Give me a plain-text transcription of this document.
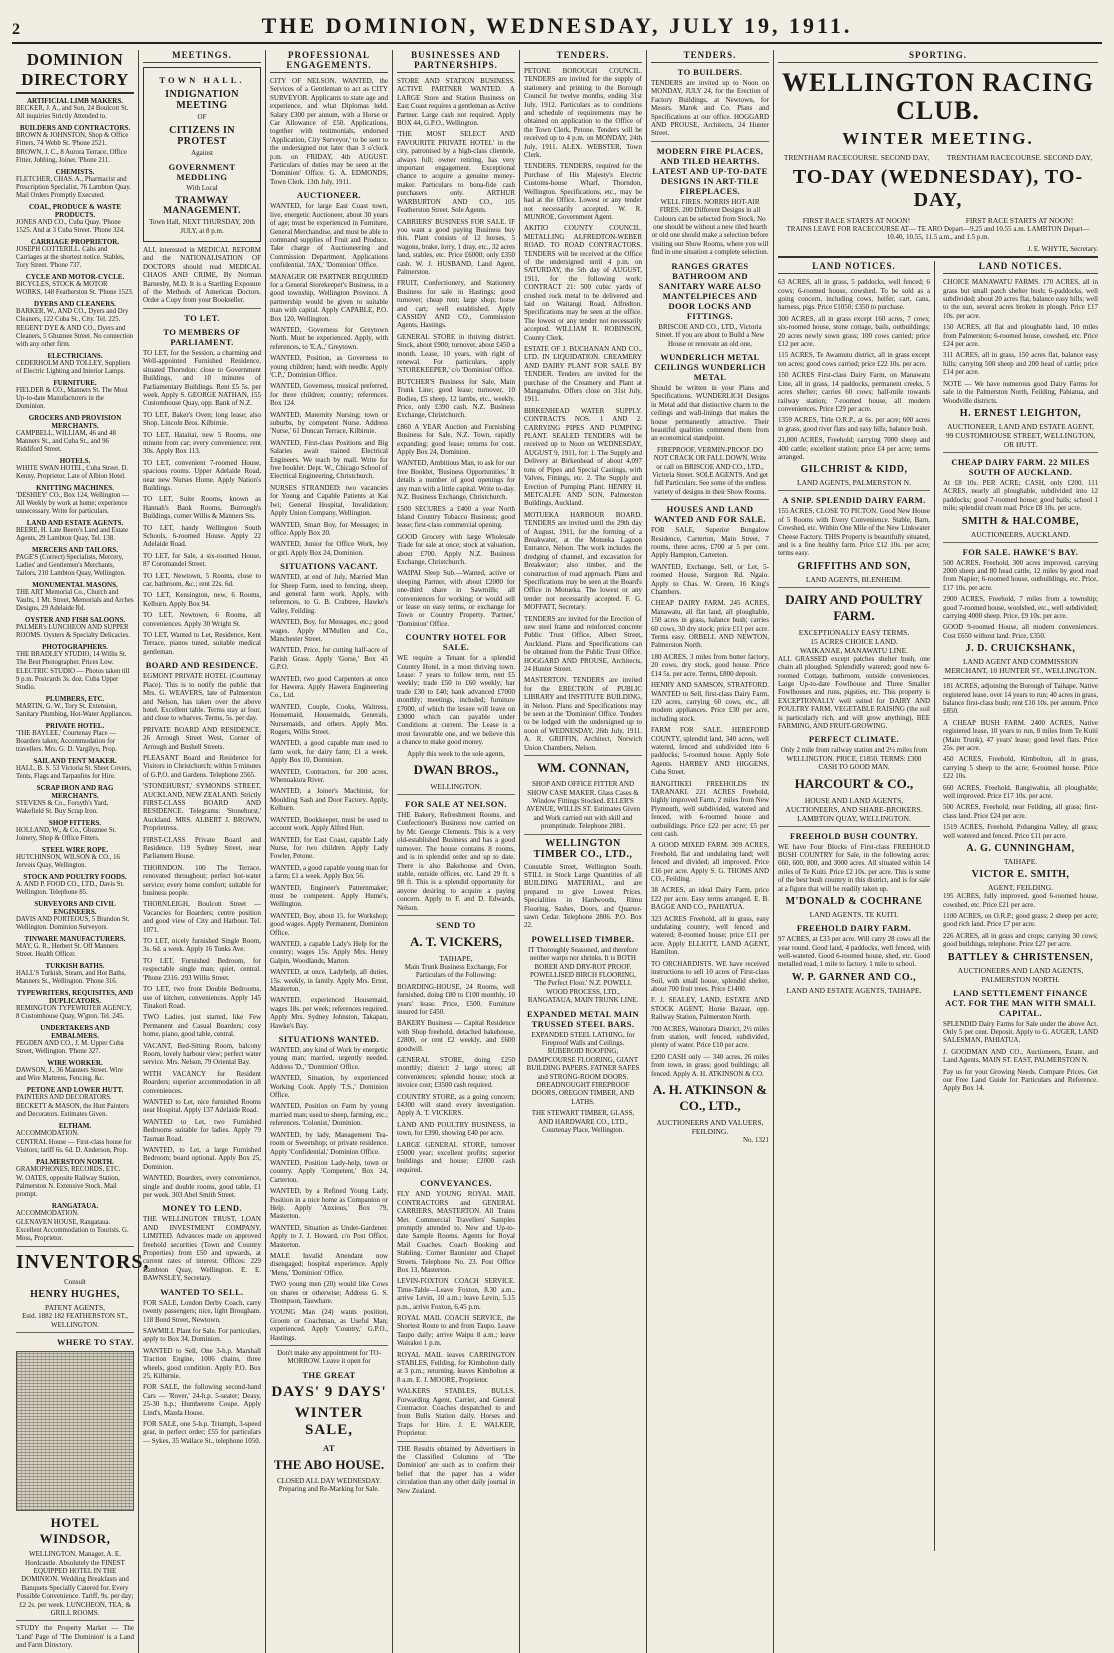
2	THE DOMINION, WEDNESDAY, JULY 19, 1911.
DOMINION DIRECTORY
ARTIFICIAL LIMB MAKERS.
BECKER, J. A., and Son, 24 Boulcott St. All inquiries Strictly Attended to.
BUILDERS AND CONTRACTORS.
BROWN & JOHNSTON, Shop & Office Fitters, 74 Webb St. 'Phone 2521.
BROWN, J. C., 8 Aurora Terrace, Office Fitter, Jobbing, Joiner. 'Phone 211.
CHEMISTS.
FLETCHER, CHAS. A., Pharmacist and Prescription Specialist, 76 Lambton Quay. Mail Orders Promptly Executed.
COAL, PRODUCE & WASTE PRODUCTS.
JONES AND CO., Cuba Quay. 'Phone 1525. And at 3 Cuba Street. 'Phone 324.
CARRIAGE PROPRIETOR.
JOSEPH COTTERILL. Cabs and Carriages at the shortest notice. Stables, Tory Street. 'Phone 737.
CYCLE AND MOTOR-CYCLE.
BICYCLES, STOCK & MOTOR WORKS, 148 Featherston St. 'Phone 1523.
DYERS AND CLEANERS.
BARKER, W., AND CO., Dyers and Dry Cleaners, 122 Cuba St., City. Tel. 225.
REGENT DYE & AND CO., Dyers and Cleaners, 5 Ghuznee Street. No connection with any other firm.
ELECTRICIANS.
CEDERHOLM AND TOLLEY, Suppliers of Electric Lighting and Interior Lamps.
FURNITURE.
FIELDER & CO., Manners St. The Most Up-to-date Manufacturers in the Dominion.
GROCERS AND PROVISION MERCHANTS.
CAMPBELL, WILLIAM, 46 and 48 Manners St., and Cuba St., and 96 Riddiford Street.
HOTELS.
WHITE SWAN HOTEL, Cuba Street. D. Kenny, Proprietor. Late of Albion Hotel.
KNITTING MACHINES.
'DESHIEY' CO., Box 124, Wellington — All Weekly by work at home; experience unnecessary. Write for particulars.
LAND AND ESTATE AGENTS.
BEERE, H. Late Beere's Land and Estate Agents, 29 Lambton Quay, Tel. 138.
MERCERS AND TAILORS.
PAGE'S (Correct) Specialists, Mercery, Ladies' and Gentlemen's Merchants, Tailors, 210 Lambton Quay, Wellington.
MONUMENTAL MASONS.
THE ART Memorial Co., Church and Vaults, 1 Mt. Street, Memorials and Arches Designs, 29 Adelaide Rd.
OYSTER AND FISH SALOONS.
PALMER's LUNCHEON AND SUPPER ROOMS. Oysters & Specialty Delicacies.
PHOTOGRAPHERS.
THE BRADLEY STUDIO, 14 Willis St. The Best Photographer. Prices Low.
ELECTRIC STUDIO — Photos taken till 9 p.m. Postcards 3s. doz. Cuba Upper Studio.
PLUMBERS, ETC.
MARTIN, G. W., Tory St. Extension, Sanitary Plumbing, Hot-Water Appliances.
PRIVATE HOTEL.
'THE BAYLEE,' Courtenay Place — Boarders taken; Accommodation for travellers. Mrs. G. D. Vargilyn, Prop.
SAIL AND TENT MAKER.
HALL, B. S. 53 Victoria St. Sheet Covers, Tents, Flags and Tarpaulins for Hire.
SCRAP IRON AND RAG MERCHANTS.
STEVENS & Co., Forsyth's Yard, Wakefield St. Buy Scrap Iron.
SHOP FITTERS.
HOLLAND, W., & Co., Ghuznee St. Joinery, Shop & Office Fitters.
STEEL WIRE ROPE.
HUTCHINSON, WILSON & CO., 16 Jervois Quay, Wellington.
STOCK AND POULTRY FOODS.
A. AND P. FOOD CO., LTD., Davis St. Wellington. Telephone 85.
SURVEYORS AND CIVIL ENGINEERS.
DAVIS AND PORTEOUS, 5 Brandon St. Wellington. Dominion Surveyors.
TINWARE MANUFACTURERS.
MAY, G. R., Herbert St. Off Manners Street. Health Officer.
TURKISH BATHS.
HALL'S Turkish, Steam, and Hot Baths, Manners St., Wellington. 'Phone 316.
TYPEWRITERS, REQUISITES, AND DUPLICATORS.
REMINGTON TYPEWRITER AGENCY, 8 Customhouse Quay, W'gton. Tel. 245.
UNDERTAKERS AND EMBALMERS.
PEGDEN AND CO., J. M. Upper Cuba Street, Wellington. 'Phone 327.
WIRE WORKER.
DAWSON, J., 36 Manners Street. Wire and Wire Mattress, Fencing, &c.
PETONE AND LOWER HUTT.
PAINTERS AND DECORATORS.
BECKETT & MASON, the Hutt Painters and Decorators. Estimates Given.
ELTHAM.
ACCOMMODATION.
CENTRAL House — First-class house for Visitors; tariff 6s. 6d. D. Anderson, Prop.
PALMERSTON NORTH.
GRAMOPHONES, RECORDS, ETC.
W. OATES, opposite Railway Station, Palmerston N. Extensive Stock. Mail prompt.
RANGATAUA.
ACCOMMODATION.
GLENAVEN HOUSE, Rangataua. Excellent Accommodation to Tourists. G. Moss, Proprietor.
INVENTORS,
Consult
HENRY HUGHES,
PATENT AGENTS,
Estd. 1882 182 FEATHERSTON ST., WELLINGTON.
WHERE TO STAY.
HOTEL WINDSOR,
WELLINGTON. Manager, A. E. Hordcastle. Absolutely the FINEST EQUIPPED HOTEL IN THE DOMINION. Wedding Breakfasts and Banquets Specially Catered for. Every Possible Convenience. Tariff, 9s. per day; £2 2s. per week. LUNCHEON, TEA, & GRILL ROOMS.
STUDY the Property Market — The 'Land' Page of 'The Dominion' is a Land and Farm Directory.
MEETINGS.
TOWN HALL.
INDIGNATION MEETING
OF
CITIZENS IN PROTEST
Against
GOVERNMENT MEDDLING
With Local
TRAMWAY MANAGEMENT.
Town Hall, NEXT THURSDAY, 20th JULY, at 8 p.m.
ALL interested in MEDICAL REFORM and the NATIONALISATION OF DOCTORS should read MEDICAL CHAOS AND CRIME, By Norman Barnesby, M.D. It is a Startling Exposure of the Methods of American Doctors. Order a Copy from your Bookseller.
TO LET.
TO MEMBERS OF PARLIAMENT.
TO LET, for the Session, a charming and Well-appointed Furnished Residence, situated Thorndon: close to Government Buildings, and 10 minutes of Parliamentary Buildings. Rent £5 5s. per week. Apply S. GEORGE NATHAN, 155 Customhouse Quay, opp. Bank of N.Z.
TO LET, Baker's Oven; long lease; also Shop. Lincoln Bros. Kilbirnie.
TO LET, Hataitai, new 5 Rooms, one minute from car; every convenience; rent 30s. Apply Box 113.
TO LET, convenient 7-roomed House, spacious rooms. Upper Adelaide Road, near new Nurses Home. Apply Nation's Buildings.
TO LET, Suite Rooms, known as Hannah's Bank Rooms, Burrough's Buildings, corner Willis & Manners Sts.
TO LET, handy Wellington South Schools, 6-roomed House. Apply 22 Adelaide Road.
TO LET, for Sale, a six-roomed House, 87 Coromandel Street.
TO LET, Newtown, 5 Rooms, close to car, bathroom, &c.; rent 22s. 6d.
TO LET, Kensington, new, 6 Rooms, Kelburn. Apply Box 94.
TO LET, Newtown, 6 Rooms, all conveniences. Apply 30 Wright St.
TO LET, Wanted to Let, Residence, Kent Terrace, pianos tuned, suitable medical gentleman.
BOARD AND RESIDENCE.
EGMONT PRIVATE HOTEL (Courtenay Place). This is to notify the public that Mrs. G. WEAVERS, late of Palmerston and Nelson, has taken over the above hotel. Excellent table. Terms stay at four, and close to wharves. Terms, 5s. per day.
PRIVATE BOARD AND RESIDENCE, 26 Arrough Street West, Corner of Arrough and Bushell Streets.
PLEASANT Board and Residence for Visitors in Christchurch; within 5 minutes of G.P.O. and Gardens. Telephone 2565.
'STONEHURST,' SYMONDS STREET, AUCKLAND, NEW ZEALAND. Strictly FIRST-CLASS BOARD AND RESIDENCE. Telegrams: 'Stonehurst,' Auckland. MRS. ALBERT J. BROWN, Proprietress.
FIRST-CLASS Private Board and Residence. 119 Sydney Street, near Parliament House.
THORNDON. 100 The Terrace, renovated throughout; perfect hot-water service; every home comfort; suitable for business people.
THORNLEIGH, Boulcott Street — Vacancies for Boarders; centre position and good view of City and Harbour. Tel. 1071.
TO LET, nicely furnished Single Room, 3s. 6d. a week. Apply 16 Tonks Ave.
TO LET, Furnished Bedroom, for respectable single man; quiet, central. 'Phone 2316. 293 Willis Street.
TO LET, two front Double Bedrooms, use of kitchen, conveniences. Apply 145 Tinakori Road.
TWO Ladies, just started, like Few Permanent and Casual Boarders; cosy home, piano, good table, central.
VACANT, Bed-Sitting Room, balcony Room, lovely harbour view; perfect water service. Mrs. Nelson, 79 Oriental Bay.
WITH VACANCY for Resident Boarders; superior accommodation in all conveniences.
WANTED to Let, nice furnished Rooms near Hospital. Apply 137 Adelaide Road.
WANTED to Let, two Furnished Bedrooms suitable for ladies. Apply 79 Tasman Road.
WANTED, to Let, a large Furnished Bedroom; board optional. Apply Box 25, Dominion.
WANTED, Boarders, every convenience, single and double rooms, good table, £1 per week. 303 Abel Smith Street.
MONEY TO LEND.
THE WELLINGTON TRUST, LOAN AND INVESTMENT COMPANY, LIMITED. Advances made on approved freehold securities (Town and Country Properties) from £50 and upwards, at current rates of interest. Offices: 229 Lambton Quay, Wellington. E. E. BAWNSLEY, Secretary.
WANTED TO SELL.
FOR SALE, London Derby Coach, carry twenty passengers; nice, light Brougham. 118 Bond Street, Newtown.
SAWMILL Plant for Sale. For particulars, apply to Box 34, Dominion.
WANTED to Sell, One 3-h.p. Marshall Traction Engine, 1006 chains, three wheels, good condition. Apply P.O. Box 25, Kilbirnie.
FOR SALE, the following second-hand Cars — 'Rover,' 24-h.p. 5-seater; Deasy, 25-30 h.p.; Humberette Coupe. Apply Lind's, Mazda House.
FOR SALE, one 5-h.p. Triumph, 3-speed gear, in perfect order; £55 for particulars — Sykes, 35 Wallace St., telephone 1050.
PROFESSIONAL ENGAGEMENTS.
CITY OF NELSON. WANTED, the Services of a Gentleman to act as CITY SURVEYOR. Applicants to state age and experience, and what Diplomas held. Salary £300 per annum, with a Horse or Car Allowance of £50. Applications, together with testimonials, endorsed 'Application, City Surveyor,' to be sent to the undersigned not later than 3 o'clock p.m. on FRIDAY, 4th AUGUST. Particulars of duties may be seen at the 'Dominion' Office. G. A. EDMONDS, Town Clerk. 13th July, 1911.
AUCTIONEER.
WANTED, for large East Coast town, live, energetic Auctioneer, about 30 years of age; must be experienced in Furniture, General Merchandise, and must be able to command supplies of Fruit and Produce. Take charge of Auctioneering and Commission Department. Applications confidential. 'JAX,' 'Dominion' Office.
MANAGER OR PARTNER REQUIRED for a General Storekeeper's Business, in a good township, Wellington Province. A partnership would be given to suitable man with capital. Apply CAPABLE, P.O. Box 120, Wellington.
WANTED, Governess for Greytown North. Must be experienced. Apply, with references, to 'E.A.,' Greytown.
WANTED, Position, as Governess to young children; hand; with needle. Apply 'C.P.,' Dominion Office.
WANTED, Governess, musical preferred, for three children; country; references. Box 124.
WANTED, Maternity Nursing; town or suburbs, by competent Nurse. Address 'Nurse,' 61 Duncan Terrace, Kilbirnie.
WANTED, First-class Positions and Big Salaries await trained Electrical Engineers. We teach by mail. Write for free booklet. Dept. W., Chicago School of Electrical Engineering, Christchurch.
NURSES STRANDED: two vacancies for Young and Capable Patients at Kai Iwi; General Hospital, Invalidation; Apply Union Company, Wellington.
WANTED, Smart Boy, for Messages; in office. Apply Box 20.
WANTED, Junior for Office Work, boy or girl. Apply Box 24, Dominion.
SITUATIONS VACANT.
WANTED, at end of July, Married Man for Sheep Farm, used to fencing, sheep, and general farm work. Apply, with references, to G. B. Crabtree, Hawke's Valley, Feilding.
WANTED, Boy, for Messages, etc.; good wages. Apply M'Mullen and Co., Manchester Street.
WANTED, Price, for cutting half-acre of Parish Grass. Apply 'Gorse,' Box 45 G.P.O.
WANTED, two good Carpenters at once for Hawera. Apply Hawera Engineering Co., Ltd.
WANTED, Couple, Cooks, Waitress, Housemaid, Housemaids, Generals, Nursemaids, and others. Apply Mrs. Rogers, Willis Street.
WANTED, a good capable man used to farm work, for dairy farm; £1 a week. Apply Box 10, Dominion.
WANTED, Contractors, for 200 acres, Whenuakura River.
WANTED, a Joiner's Machinist, for Moulding Sash and Door Factory. Apply, Kelburn.
WANTED, Bookkeeper, must be used to account work. Apply Alfred Hutt.
WANTED, for East Coast, capable Lady Nurse, for two children. Apply Lady Fowler, Petone.
WANTED, a good capable young man for a farm; £1 a week. Apply Box 56.
WANTED, Engineer's Patternmaker; must be competent. Apply Hume's, Wellington.
WANTED, Boy, about 15, for Workshop; good wages. Apply Permanent, Dominion Office.
WANTED, a capable Lady's Help for the country; wages 15s. Apply Mrs. Henry Galpin, Woodlands, Marton.
WANTED, at once, Ladyhelp, all duties, 15s. weekly, in family. Apply Mrs. Ernst, Masterton.
WANTED, experienced Housemaid, wages 18s. per week; references required. Apply Mrs. Sydney Johnston, Takapau, Hawke's Bay.
SITUATIONS WANTED.
WANTED, any kind of Work by energetic young man; married, urgently needed. Address 'D.,' 'Dominion' Office.
WANTED, Situation, by experienced Working Cook. Apply 'T.S.,' Dominion Office.
WANTED, Position on Farm by young married man; used to sheep, farming, etc.; references. 'Colonist,' Dominion.
WANTED, by lady, Management Tea-room or Sweetshop; or private residence. Apply 'Confidential,' Dominion Office.
WANTED, Position Lady-help, town or country. Apply 'Competent,' Box 24, Carterton.
WANTED, by a Refined Young Lady, Position in a nice home as Companion or Help. Apply 'Anxious,' Box 79, Masterton.
WANTED, Situation as Under-Gardener. Apply to J. J. Howard, c/o Post Office, Masterton.
MALE Invalid Attendant now disengaged; hospital experience. Apply 'Mens,' 'Dominion' Office.
TWO young men (20) would like Cows on shares or otherwise; Address G. S. Thompson, Tauwhare.
YOUNG Man (24) wants position, Groom or Coachman, as Useful Man; experienced. Apply 'Country,' G.P.O., Hastings.
Don't make any appointment for TO-MORROW. Leave it open for
THE GREAT
DAYS' 9 DAYS'
WINTER SALE,
AT
THE ABO HOUSE.
CLOSED ALL DAY WEDNESDAY. Preparing and Re-Marking for Sale.
BUSINESSES AND PARTNERSHIPS.
STORE AND STATION BUSINESS. ACTIVE PARTNER WANTED. A LARGE Store and Station Business on East Coast requires a gentleman as Active Partner. Large cash not required. Apply BOX 44, G.P.O., Wellington.
'THE MOST SELECT AND FAVOURITE PRIVATE HOTEL' in the city, patronised by a high-class clientele, always full; owner retiring, has very important engagement. Exceptional chance to acquire a genuine money-maker. Particulars to bona-fide cash purchasers only. ARTHUR WARBURTON AND CO., 105 Featherston Street. Sole Agents.
CABRIERS' BUSINESS FOR SALE. IF you want a good paying Business buy this. Plant consists of 12 horses, 5 wagons, brake, lorry, 1 dray, etc., 32 acres land, stables, etc. Price £6000; only £350 cash. W. J. HUSBAND, Land Agent, Palmerston.
FRUIT, Confectionery, and Stationery Business for sale in Hastings; good turnover; cheap rent; large shop; horse and cart; well established. Apply CASSIDY AND CO., Commission Agents, Hastings.
GENERAL STORE in thriving district. Stock, about £900; turnover, about £450 a month. Lease, 10 years, with right of renewal. For particulars, apply 'STOREKEEPER,' c/o 'Dominion' Office.
BUTCHER'S Business for Sale, Main Trunk Line; good lease; turnover, 10 Bodies, £5 sheep, 12 lambs, etc., weekly. Price, only £390 cash. N.Z. Business Exchange, Christchurch.
£860 A YEAR Auction and Furnishing Business for Sale, N.Z. Town, rapidly expanding; good lease; returns for cost. Apply Box 24, Dominion.
WANTED, Ambitious Man, to ask for our free Booklet, 'Business Opportunities.' It details a number of good openings for any man with a little capital. Write to-day. N.Z. Business Exchange, Christchurch.
£500 SECURES a £400 a year North Island Country Tobacco Business; good lease; first-class commercial opening.
GOOD Grocery with large Wholesale Trade for sale at once; stock at valuation, about £700. Apply N.Z. Business Exchange, Christchurch.
WAIPAI Sleep Sub.—Wanted, active or sleeping Partner, with about £2000 for one-third share in Sawmills; all conveniences for working; or would sell or lease on easy terms, or exchange for Town or Country Property. 'Partner,' 'Dominion' Office.
COUNTRY HOTEL FOR SALE.
WE require a Tenant for a splendid Country Hotel, in a most thriving town. Lease: 7 years to follow term, rent £5 weekly; trade £50 to £60 weekly; bar trade £30 to £40; bank advanced £7000 monthly; meetings, included; furniture £7000, of which the lessee will leave on £3000 which can payable under Conditions at current. The Lease is a most favourable one, and we believe this a chance to make good money.
Apply this week to the sole agents,
DWAN BROS.,
WELLINGTON.
FOR SALE AT NELSON.
THE Bakery, Refreshment Rooms, and Confectioner's Business now carried on by Mr. George Clements. This is a very old-established Business and has a good turnover. The house contains 8 rooms, and is in splendid order and up to date. There is also Bakehouse and Oven, stable, outside offices, etc. Land 29 ft. x 98 ft. This is a splendid opportunity for anyone desiring to acquire a paying concern. Apply to F. and D. Edwards, Nelson.
SEND TO
A. T. VICKERS,
TAIHAPE,
Main Trunk Business Exchange, For Particulars of the Following:
BOARDING-HOUSE, 24 Rooms, well furnished, doing £80 to £100 monthly, 10 years' lease. Price, £500. Furniture insured for £450.
BAKERY Business — Capital Residence with Shop freehold, detached bakehouse, £2800, or rent £2 weekly, and £600 goodwill.
GENERAL STORE, doing £250 monthly; district: 2 large stores; all conveniences; splendid house; stock at invoice cost; £3500 cash required.
COUNTRY STORE, as a going concern; £4300 will stand every investigation. Apply A. T. VICKERS.
LAND AND POULTRY BUSINESS, in town, for £390, showing £40 per acre.
LARGE GENERAL STORE, turnover £5000 year; excellent profits; superior buildings and house; £2000 cash required.
CONVEYANCES.
FLY AND YOUNG ROYAL MAIL CONTRACTORS and GENERAL CARRIERS, MASTERTON. All Trains Met. Commercial Travellers' Samples promptly attended to. New and Up-to-date Sample Rooms. Agents for Royal Mail Coaches. Coach Booking and Stabling. Corner Bannister and Chapel Streets. Telephone No. 23. Post Office Box 13, Masterton.
LEVIN-FOXTON COACH SERVICE. Time-Table—Leave Foxton, 8.30 a.m., arrive Levin, 10 a.m.; leave Levin, 5.15 p.m., arrive Foxton, 6.45 p.m.
ROYAL MAIL COACH SERVICE, the Shortest Route to and from Taupo. Leave Taupo daily; arrive Waipu 8 a.m.; leave Wairakei 1 p.m.
ROYAL MAIL leaves CARRINGTON STABLES, Feilding, for Kimbolton daily at 3 p.m.; returning, leaves Kimbolton at 8 a.m. E. J. MOORE, Proprietor.
WALKERS STABLES, BULLS. Forwarding Agent, Carrier, and General Contractor. Coaches despatched to and from Bulls Station daily. Horses and Traps for Hire. J. E. WALKER, Proprietor.
THE Results obtained by Advertisers in the Classified Columns of 'The Dominion' are such as to confirm their belief that the paper has a wider circulation than any other daily journal in New Zealand.
TENDERS.
PETONE BOROUGH COUNCIL. TENDERS are invited for the supply of stationery and printing to the Borough Council for twelve months, ending 31st July, 1912. Particulars as to conditions and schedule of requirements may be obtained on application to the Office of the Town Clerk, Petone. Tenders will be received up to 4 p.m. on MONDAY, 24th July, 1911. ALEX. WEBSTER, Town Clerk.
TENDERS. TENDERS, required for the Purchase of His Majesty's Electric Customs-house Wharf, Thorndon, Wellington. Specifications, etc., may be had at the Office. Lowest or any tender not necessarily accepted. W. R. MUNROE, Government Agent.
AKITIO COUNTY COUNCIL. METALLING ALFREDTON-WEBER ROAD. TO ROAD CONTRACTORS. TENDERS will be received at the Office of the undersigned until 4 p.m. on SATURDAY, the 5th day of AUGUST, 1911, for the following work: CONTRACT 21: 500 cubic yards of crushed rock metal to be delivered and laid on Waitangi Road, Alfredton. Specifications may be seen at the office. The lowest or any tender not necessarily accepted. WILLIAM R. ROBINSON, County Clerk.
ESTATE OF J. BUCHANAN AND CO., LTD. IN LIQUIDATION. CREAMERY AND DAIRY PLANT FOR SALE BY TENDER. Tenders are invited for the purchase of the Creamery and Plant at Mangamahu. Offers close on 31st July, 1911.
BIRKENHEAD WATER SUPPLY. CONTRACTS NOS. 1 AND 2. CARRYING PIPES AND PUMPING PLANT. SEALED TENDERS will be received up to Noon on WEDNESDAY, AUGUST 9, 1911, for: 1. The Supply and Delivery at Birkenhead of about 4,097 tons of Pipes and Special Castings, with Valves, Fittings, etc. 2. The Supply and Erection of Pumping Plant. HENRY H. METCALFE AND SON, Palmerston Buildings, Auckland.
MOTUEKA HARBOUR BOARD. TENDERS are invited until the 29th day of August, 1911, for the forming of a Breakwater, at the Motueka Lagoon Entrance, Nelson. The work includes the dredging of channel, and excavation for Breakwater; also timber, and the construction of road approach. Plans and Specifications may be seen at the Board's Office in Motueka. The lowest or any tender not necessarily accepted. F. G. MOFFATT, Secretary.
TENDERS are invited for the Erection of new steel frame and reinforced concrete Public Trust Office, Albert Street, Auckland. Plans and Specifications can be obtained from the Public Trust Office. HOGGARD AND PROUSE, Architects, 24 Hunter Street.
MASTERTON. TENDERS are invited for the ERECTION of PUBLIC LIBRARY and INSTITUTE BUILDING, in Nelson. Plans and Specifications may be seen at the 'Dominion' Office. Tenders to be lodged with the undersigned up to noon of WEDNESDAY, 26th July, 1911. A. R. GRIFFIN, Architect, Norwich Union Chambers, Nelson.
WM. CONNAN,
SHOP AND OFFICE FITTER AND SHOW CASE MAKER. Glass Cases & Window Fittings Stocked. ELLER'S AVENUE, WILLIS ST. Estimates Given and Work carried out with skill and promptitude. Telephone 2881.
WELLINGTON TIMBER CO., LTD.,
Constable Street, Wellington South. STILL in Stock Large Quantities of all BUILDING MATERIAL, and are prepared to give Lowest Prices. Specialities in Hardwoods, Rimu Flooring, Sashes, Doors, and Quarter-sawn Cedar. Telephone 2806. P.O. Box 22.
POWELLISED TIMBER.
IT Thoroughly Seasoned, and therefore neither warps nor shrinks. It is BOTH BORER AND DRY-ROT PROOF. POWELLISED BIRCH FLOORING, 'The Perfect Floor.' N.Z. POWELL WOOD PROCESS, LTD., RANGATAUA, MAIN TRUNK LINE.
EXPANDED METAL MAIN TRUSSED STEEL BARS.
EXPANDED STEEL LATHING, for Fireproof Walls and Ceilings. RUBEROID ROOFING, DAMPCOURSE FLOORING, GIANT BUILDING PAPERS. FATNER SAFES and STRONG-ROOM DOORS. DREADNOUGHT FIREPROOF DOORS, OREGON TIMBER, AND LATHS.
THE STEWART TIMBER, GLASS, AND HARDWARE CO., LTD., Courtenay Place, Wellington.
TENDERS.
TO BUILDERS.
TENDERS are invited up to Noon on MONDAY, JULY 24, for the Erection of Factory Buildings, at Newtown, for Messrs. Marek and Co. Plans and Specifications at our office. HOGGARD AND PROUSE, Architects, 24 Hunter Street.
MODERN FIRE PLACES, AND TILED HEARTHS. LATEST AND UP-TO-DATE DESIGNS IN ART-TILE FIREPLACES.
WELL FIRES. NORRIS HOT-AIR FIRES. 200 Different Designs in all Colours can be selected from Stock. No one should be without a new tiled hearth or old one should make a selection before visiting our Show Rooms, where you will find in one situation a complete selection.
RANGES GRATES BATHROOM AND SANITARY WARE ALSO MANTELPIECES AND DOOR LOCKS AND FITTINGS.
BRISCOE AND CO., LTD., Victoria Street. If you are about to Build a New House or renovate an old one,
WUNDERLICH METAL CEILINGS WUNDERLICH METAL
Should be written in your Plans and Specifications. WUNDERLICH Designs in Metal add that distinctive charm to the ceilings and wall-linings that makes the house permanently attractive. Their beautiful qualities commend them from an economical standpoint.
FIREPROOF, VERMIN-PROOF. DO NOT CRACK OR FALL DOWN. Write or call on BRISCOE AND CO., LTD., Victoria Street. SOLE AGENTS. And get full Particulars. See some of the endless variety of designs in their Show Rooms.
HOUSES AND LAND WANTED AND FOR SALE.
FOR SALE, Superior Bungalow Residence, Carterton, Main Street, 7 rooms, three acres, £700 at 5 per cent. Apply Hampton, Carterton.
WANTED, Exchange, Sell, or Let, 5-roomed House, Surgeon Rd. Ngaio. Apply to Chas. W. Green, 16 King's Chambers.
CHEAP DAIRY FARM. 245 ACRES, Manawatu, all flat land, all ploughable, 150 acres in grass, balance bush; carries 60 cows, 30 dry stock; price £11 per acre. Terms easy. ORBELL AND NEWTON, Palmerston North.
180 ACRES, 3 miles from butter factory, 20 cows, dry stock, good house. Price £14 5s. per acre. Terms, £800 deposit.
HENRY AND SAMSON, STRATFORD. WANTED to Sell, first-class Dairy Farm, 120 acres, carrying 60 cows, etc., all modern appliances. Price £30 per acre, including stock.
FARM FOR SALE. HEREFORD COUNTY, splendid land, 340 acres, well watered, fenced and subdivided into 6 paddocks; 5-roomed house. Apply Sole Agents. HARBEY AND HIGGENS, Cuba Street.
RANGITIKEI FREEHOLDS IN TARANAKI. 221 ACRES Freehold, highly improved Farm, 2 miles from New Plymouth, well subdivided, watered and fenced, with 6-roomed house and outbuildings. Price £22 per acre; £5 per cent cash.
A GOOD MIXED FARM. 309 ACRES, Freehold, flat and undulating land; well fenced and divided; all improved. Price £16 per acre. Apply S. G. THOMS AND CO., Feilding.
38 ACRES, an ideal Dairy Farm, price £22 per acre. Easy terms arranged. E. B. BAGGE AND CO., PAHIATUA.
323 ACRES Freehold, all in grass, easy undulating country, well fenced and watered; 8-roomed house; price £11 per acre. Apply ELLIOTT, LAND AGENT, Hamilton.
TO ORCHARDISTS. WE have received instructions to sell 10 acres of First-class Soil, with small house, splendid shelter, about 700 fruit trees. Price £1400.
F. J. SEALEY, LAND, ESTATE AND STOCK AGENT, Horse Bazaar, opp. Railway Station, Palmerston North.
700 ACRES, Waitotara District, 2½ miles from station, well fenced, subdivided, plenty of water. Price £10 per acre.
£200 CASH only — 340 acres, 26 miles from town, in grass; good buildings; all fenced. Apply A. H. ATKINSON & CO.
A. H. ATKINSON & CO., LTD.,
AUCTIONEERS AND VALUERS, FEILDING.
No. 1321
SPORTING.
WELLINGTON RACING CLUB.
WINTER MEETING.
TRENTHAM RACECOURSE. SECOND DAY,	TRENTHAM RACECOURSE. SECOND DAY,
TO-DAY (WEDNESDAY), TO-DAY,
FIRST RACE STARTS AT NOON!	FIRST RACE STARTS AT NOON!
TRAINS LEAVE FOR RACECOURSE AT— TE ARO Depart—9.25 and 10.55 a.m. LAMBTON Depart—10.40, 10.55, 11.5 a.m., and 1.5 p.m.
J. E. WHYTE, Secretary.
LAND NOTICES.
63 ACRES, all in grass, 5 paddocks, well fenced; 6 cows; 6-roomed house, cowshed. To be sold as a going concern, including cows, heifer, cart, cans, harness, pigs. Price £1050; £350 to purchase.
300 ACRES, all in grass except 160 acres, 7 cows; six-roomed house, stone cottage, bails, outbuildings; 20 acres newly sown grass; 100 cows carried; price £12 per acre.
115 ACRES, Te Awamutu district, all in grass except ten acres; good cows carried; price £22 10s. per acre.
150 ACRES First-class Dairy Farm, on Manawatu Line, all in grass, 14 paddocks, permanent creeks, 5 acres shelter; carries 60 cows; half-mile towards railway station; 7-roomed house, all modern conveniences. Price £29 per acre.
1359 ACRES, Title O.R.P., at 6s. per acre; 600 acres in grass, good river flats and easy hills, balance bush.
21,000 ACRES, Freehold; carrying 7000 sheep and 400 cattle; excellent station; price £4 per acre; terms arranged.
GILCHRIST & KIDD,
LAND AGENTS, PALMERSTON N.
A SNIP. SPLENDID DAIRY FARM.
155 ACRES, CLOSE TO PICTON. Good New House of 5 Rooms with Every Convenience. Stable, Barn, Cowshed, etc. Within One Mile of the New Linkwater Cheese Factory. THIS Property is beautifully situated, and is a fine healthy farm. Price £12 10s. per acre; terms easy.
GRIFFITHS AND SON,
LAND AGENTS, BLENHEIM.
DAIRY AND POULTRY FARM.
EXCEPTIONALLY EASY TERMS.
15 ACRES CHOICE LAND.
WAIKANAE, MANAWATU LINE.
ALL GRASSED except patches shelter bush, one chain all ploughed. Splendidly watered; good new 6-roomed Cottage, bathroom, outside conveniences. Large Up-to-date Fowlhouse and Three Smaller Fowlhouses and runs, pigsties, etc. This property is EXCEPTIONALLY well suited for DAIRY AND POULTRY FARM, VEGETABLE RAISING (the soil is particularly rich, and will grow anything), BEE FARMING, AND FRUIT-GROWING.
PERFECT CLIMATE.
Only 2 mile from railway station and 2½ miles from WELLINGTON. PRICE, £1850. TERMS: £300 CASH TO GOOD MAN.
HARCOURT & CO.,
HOUSE AND LAND AGENTS, AUCTIONEERS, AND SHARE-BROKERS. LAMBTON QUAY, WELLINGTON.
FREEHOLD BUSH COUNTRY.
WE have Four Blocks of First-class FREEHOLD BUSH COUNTRY for Sale, in the following acres: 660, 600, 800, and 3000 acres. All situated within 14 miles of Te Kuiti. Price £2 10s. per acre. This is some of the best bush country in this district, and is for sale at a figure that will be readily taken up.
M'DONALD & COCHRANE
LAND AGENTS, TE KUITI.
FREEHOLD DAIRY FARM.
97 ACRES, at £33 per acre. Will carry 28 cows all the year round. Good land, 4 paddocks, well fenced, with well-watered. Good 6-roomed house, shed, etc. Good metalled road, 1 mile to factory. 1 mile to school.
W. P. GARNER AND CO.,
LAND AND ESTATE AGENTS, TAIHAPE.
LAND NOTICES.
CHOICE MANAWATU FARMS. 170 ACRES, all in grass but small patch shelter bush; 6-paddocks, well subdivided; about 20 acres flat, balance easy hills; well to the sun, several acres broken in plough. Price £17 10s. per acre.
150 ACRES, all flat and ploughable land, 10 miles from Palmerston; 6-roomed house, cowshed, etc. Price £24 per acre.
311 ACRES, all in grass, 150 acres flat, balance easy hills; carrying 500 sheep and 200 head of cattle; price £14 per acre.
NOTE — We have numerous good Dairy Farms for sale in the Palmerston North, Feilding, Pahiatua, and Woodville districts.
H. ERNEST LEIGHTON,
AUCTIONEER, LAND AND ESTATE AGENT, 99 CUSTOMHOUSE STREET, WELLINGTON, OR HUTT.
CHEAP DAIRY FARM. 22 MILES SOUTH OF AUCKLAND.
At £8 10s. PER ACRE; CASH, only £200. 111 ACRES, nearly all ploughable, subdivided into 12 paddocks; good 7-roomed house; good bails; school 1 mile; splendid cream road. Price £8 10s. per acre.
SMITH & HALCOMBE,
AUCTIONEERS, AUCKLAND.
FOR SALE. HAWKE'S BAY.
500 ACRES, Freehold, 300 acres improved, carrying 2000 sheep and 80 head cattle, 12 miles by good road from Napier; 6-roomed house, outbuildings, etc. Price, £17 10s. per acre.
2900 ACRES, Freehold, 7 miles from a township; good 7-roomed house, woolshed, etc., well subdivided; carrying 4000 sheep. Price, £9 10s. per acre.
GOOD 9-roomed House, all modern conveniences. Cost £650 without land. Price, £350.
J. D. CRUICKSHANK,
LAND AGENT AND COMMISSION MERCHANT, 10 HUNTER ST., WELLINGTON.
181 ACRES, adjoining the Borough of Taihape. Native registered lease, over 14 years to run; 40 acres in grass, balance first-class bush; rent £10 10s. per annum. Price £850.
A CHEAP BUSH FARM. 2400 ACRES, Native registered lease, 10 years to run, 8 miles from Te Kuiti (Main Trunk), 47 years' lease; good level flats. Price 25s. per acre.
450 ACRES, Freehold, Kimbolton, all in grass, carrying 5 sheep to the acre; 6-roomed house. Price £22 10s.
660 ACRES, Freehold, Rangiwahia, all ploughable; well improved. Price £17 10s. per acre.
500 ACRES, Freehold, near Feilding, all grass; first-class land. Price £24 per acre.
1519 ACRES, Freehold, Pohangina Valley, all grass; well watered and fenced. Price £11 per acre.
A. G. CUNNINGHAM,
TAIHAPE.
VICTOR E. SMITH,
AGENT, FEILDING.
195 ACRES, fully improved, good 6-roomed house, cowshed, etc. Price £21 per acre.
1100 ACRES, on O.R.P.; good grass; 2 sheep per acre; good rich land. Price £7 per acre.
226 ACRES, all in grass and crops; carrying 30 cows; good buildings, telephone. Price £27 per acre.
BATTLEY & CHRISTENSEN,
AUCTIONEERS AND LAND AGENTS, PALMERSTON NORTH.
LAND SETTLEMENT FINANCE ACT. FOR THE MAN WITH SMALL CAPITAL.
SPLENDID Dairy Farms for Sale under the above Act. Only 5 per cent. Deposit. Apply to G. AUGER, LAND SALESMAN, PAHIATUA.
J. GOODMAN AND CO., Auctioneers, Estate, and Land Agents, MAIN ST. EAST, PALMERSTON N.
Pay us for your Growing Needs. Compare Prices. Get our Free Land Guide for Particulars and Reference. Apply Box 14.
